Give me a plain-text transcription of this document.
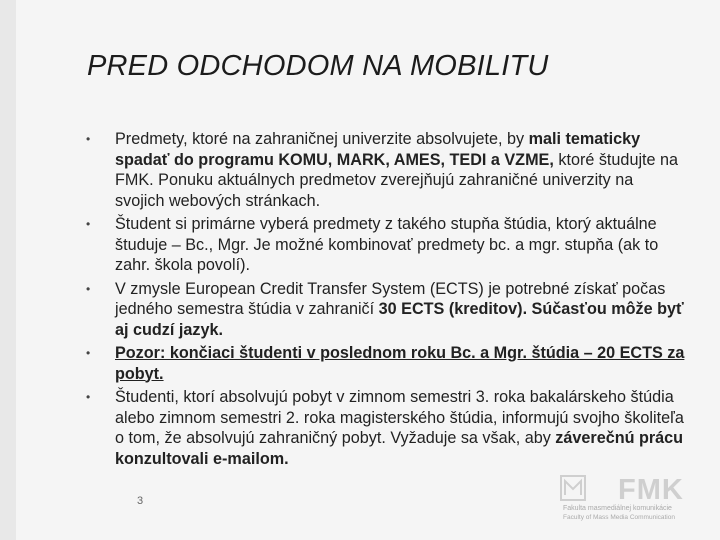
PRED ODCHODOM NA MOBILITU
• Predmety, ktoré na zahraničnej univerzite absolvujete, by mali tematicky spadať do programu KOMU, MARK, AMES, TEDI a VZME, ktoré študujte na FMK. Ponuku aktuálnych predmetov zverejňujú zahraničné univerzity na svojich webových stránkach.
• Študent si primárne vyberá predmety z takého stupňa štúdia, ktorý aktuálne študuje – Bc., Mgr. Je možné kombinovať predmety bc. a mgr. stupňa (ak to zahr. škola povolí).
• V zmysle European Credit Transfer System (ECTS) je potrebné získať počas jedného semestra štúdia v zahraničí 30 ECTS (kreditov). Súčasťou môže byť aj cudzí jazyk.
• Pozor: končiaci študenti v poslednom roku Bc. a Mgr. štúdia – 20 ECTS za pobyt.
• Študenti, ktorí absolvujú pobyt v zimnom semestri 3. roka bakalárskeho štúdia alebo zimnom semestri 2. roka magisterského štúdia, informujú svojho školiteľa o tom, že absolvujú zahraničný pobyt. Vyžaduje sa však, aby záverečnú prácu konzultovali e-mailom.
3	FMK
Fakulta masmediálnej komunikácie
Faculty of Mass Media Communication
